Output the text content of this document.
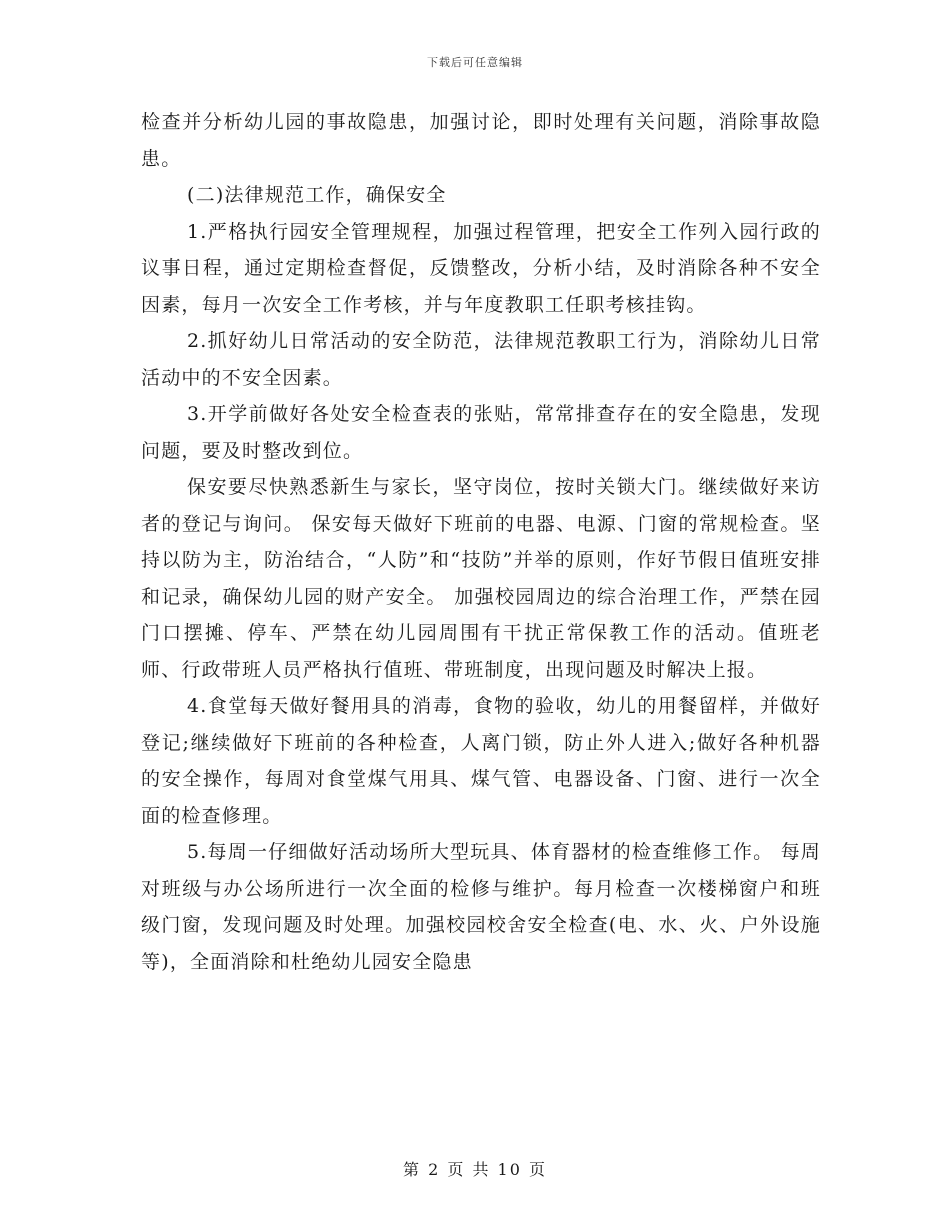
下载后可任意编辑

检查并分析幼儿园的事故隐患，加强讨论，即时处理有关问题，消除事故隐患。

(二)法律规范工作，确保安全

1.严格执行园安全管理规程，加强过程管理，把安全工作列入园行政的议事日程，通过定期检查督促，反馈整改，分析小结，及时消除各种不安全因素，每月一次安全工作考核，并与年度教职工任职考核挂钩。

2.抓好幼儿日常活动的安全防范，法律规范教职工行为，消除幼儿日常活动中的不安全因素。

3.开学前做好各处安全检查表的张贴，常常排查存在的安全隐患，发现问题，要及时整改到位。

保安要尽快熟悉新生与家长，坚守岗位，按时关锁大门。继续做好来访者的登记与询问。 保安每天做好下班前的电器、电源、门窗的常规检查。坚持以防为主，防治结合，“人防”和“技防”并举的原则，作好节假日值班安排和记录，确保幼儿园的财产安全。 加强校园周边的综合治理工作，严禁在园门口摆摊、停车、严禁在幼儿园周围有干扰正常保教工作的活动。值班老师、行政带班人员严格执行值班、带班制度，出现问题及时解决上报。

4.食堂每天做好餐用具的消毒，食物的验收，幼儿的用餐留样，并做好登记;继续做好下班前的各种检查，人离门锁，防止外人进入;做好各种机器的安全操作，每周对食堂煤气用具、煤气管、电器设备、门窗、进行一次全面的检查修理。

5.每周一仔细做好活动场所大型玩具、体育器材的检查维修工作。 每周对班级与办公场所进行一次全面的检修与维护。每月检查一次楼梯窗户和班级门窗，发现问题及时处理。加强校园校舍安全检查(电、水、火、户外设施等)，全面消除和杜绝幼儿园安全隐患

第 2 页 共 10 页
